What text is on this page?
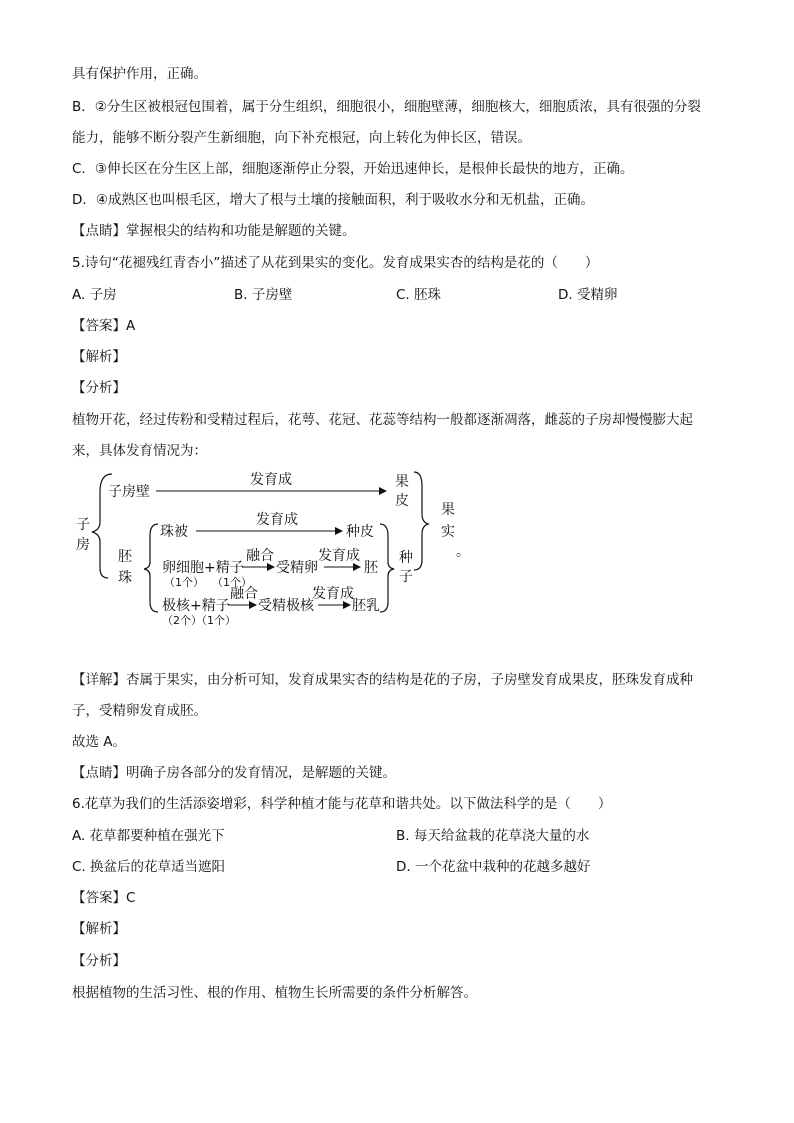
具有保护作用，正确。
B．②分生区被根冠包围着，属于分生组织，细胞很小，细胞壁薄，细胞核大，细胞质浓，具有很强的分裂
能力，能够不断分裂产生新细胞，向下补充根冠，向上转化为伸长区，错误。
C．③伸长区在分生区上部，细胞逐渐停止分裂，开始迅速伸长，是根伸长最快的地方，正确。
D．④成熟区也叫根毛区，增大了根与土壤的接触面积，利于吸收水分和无机盐，正确。
【点睛】掌握根尖的结构和功能是解题的关键。
5.诗句“花褪残红青杏小”描述了从花到果实的变化。发育成果实杏的结构是花的（　　）
A. 子房	B. 子房壁	C. 胚珠	D. 受精卵
【答案】A
【解析】
【分析】
植物开花，经过传粉和受精过程后，花萼、花冠、花蕊等结构一般都逐渐凋落，雌蕊的子房却慢慢膨大起
来，具体发育情况为：
子
房
子房壁
发育成	果
皮
胚
珠
珠被
发育成
种皮
卵细胞+精子
（1个） （1个）
融合
受精卵
发育成
胚
极核+精子
（2个）
（1个）
融合
受精极核
发育成
胚乳
种
子
果
实
。
【详解】杏属于果实，由分析可知，发育成果实杏的结构是花的子房，子房壁发育成果皮，胚珠发育成种
子，受精卵发育成胚。
故选 A。
【点睛】明确子房各部分的发育情况，是解题的关键。
6.花草为我们的生活添姿增彩，科学种植才能与花草和谐共处。以下做法科学的是（　　）
A. 花草都要种植在强光下	B. 每天给盆栽的花草浇大量的水
C. 换盆后的花草适当遮阳	D. 一个花盆中栽种的花越多越好
【答案】C
【解析】
【分析】
根据植物的生活习性、根的作用、植物生长所需要的条件分析解答。
